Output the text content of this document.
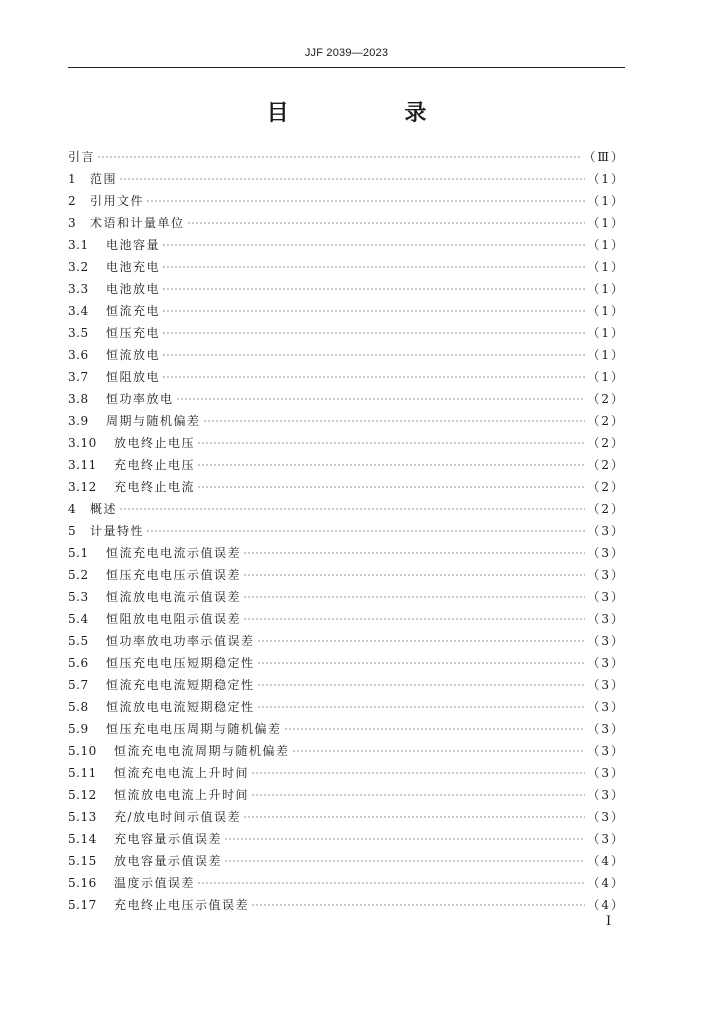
JJF 2039—2023
目 录
引言	（Ⅲ）
1	范围	（1）
2	引用文件	（1）
3	术语和计量单位	（1）
3.1	电池容量	（1）
3.2	电池充电	（1）
3.3	电池放电	（1）
3.4	恒流充电	（1）
3.5	恒压充电	（1）
3.6	恒流放电	（1）
3.7	恒阻放电	（1）
3.8	恒功率放电	（2）
3.9	周期与随机偏差	（2）
3.10	放电终止电压	（2）
3.11	充电终止电压	（2）
3.12	充电终止电流	（2）
4	概述	（2）
5	计量特性	（3）
5.1	恒流充电电流示值误差	（3）
5.2	恒压充电电压示值误差	（3）
5.3	恒流放电电流示值误差	（3）
5.4	恒阻放电电阻示值误差	（3）
5.5	恒功率放电功率示值误差	（3）
5.6	恒压充电电压短期稳定性	（3）
5.7	恒流充电电流短期稳定性	（3）
5.8	恒流放电电流短期稳定性	（3）
5.9	恒压充电电压周期与随机偏差	（3）
5.10	恒流充电电流周期与随机偏差	（3）
5.11	恒流充电电流上升时间	（3）
5.12	恒流放电电流上升时间	（3）
5.13	充/放电时间示值误差	（3）
5.14	充电容量示值误差	（3）
5.15	放电容量示值误差	（4）
5.16	温度示值误差	（4）
5.17	充电终止电压示值误差	（4）
Ⅰ
